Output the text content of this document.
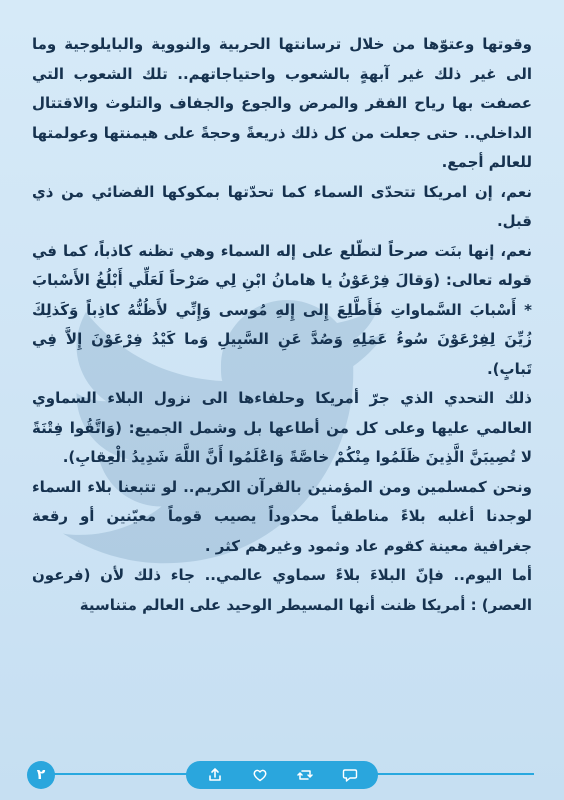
وقوتها وعتوّها من خلال ترسانتها الحربية والنووية والبايلوجية وما الى غير ذلك غير آبهةٍ بالشعوب واحتياجاتهم.. تلك الشعوب التي عصفت بها رياح الفقر والمرض والجوع والجفاف والتلوث والاقتتال الداخلي.. حتى جعلت من كل ذلك ذريعةً وحجةً على هيمنتها وعولمتها للعالم أجمع.

نعم، إن امريكا تتحدّى السماء كما تحدّتها بمكوكها الفضائي من ذي قبل.

نعم، إنها بنَت صرحاً لتطّلع على إله السماء وهي تظنه كاذباً، كما في قوله تعالى: (وَقالَ فِرْعَوْنُ يا هامانُ ابْنِ لِي صَرْحاً لَعَلِّي أَبْلُغُ الأَسْبابَ * أَسْبابَ السَّماواتِ فَأَطَّلِعَ إِلى إِلهِ مُوسى وَإِنِّي لأَظُنُّهُ كاذِباً وَكَذلِكَ زُيِّنَ لِفِرْعَوْنَ سُوءُ عَمَلِهِ وَصُدَّ عَنِ السَّبِيلِ وَما كَيْدُ فِرْعَوْنَ إِلاَّ فِي تَبابٍ).

ذلك التحدي الذي جرّ أمريكا وحلفاءها الى نزول البلاء السماوي العالمي عليها وعلى كل من أطاعها بل وشمل الجميع: (وَاتَّقُوا فِتْنَةً لا تُصِيبَنَّ الَّذِينَ ظَلَمُوا مِنْكُمْ خاصَّةً وَاعْلَمُوا أَنَّ اللَّهَ شَدِيدُ الْعِقابِ).

ونحن كمسلمين ومن المؤمنين بالقرآن الكريم.. لو تتبعنا بلاء السماء لوجدنا أغلبه بلاءً مناطقياً محدوداً يصيب قوماً معيّنين أو رقعة جغرافية معينة كقوم عاد وثمود وغيرهم كثر .

أما اليوم.. فإنّ البلاءَ بلاءً سماوي عالمي.. جاء ذلك لأن (فرعون العصر) : أمريكا ظنت أنها المسيطر الوحيد على العالم متناسية

٢
